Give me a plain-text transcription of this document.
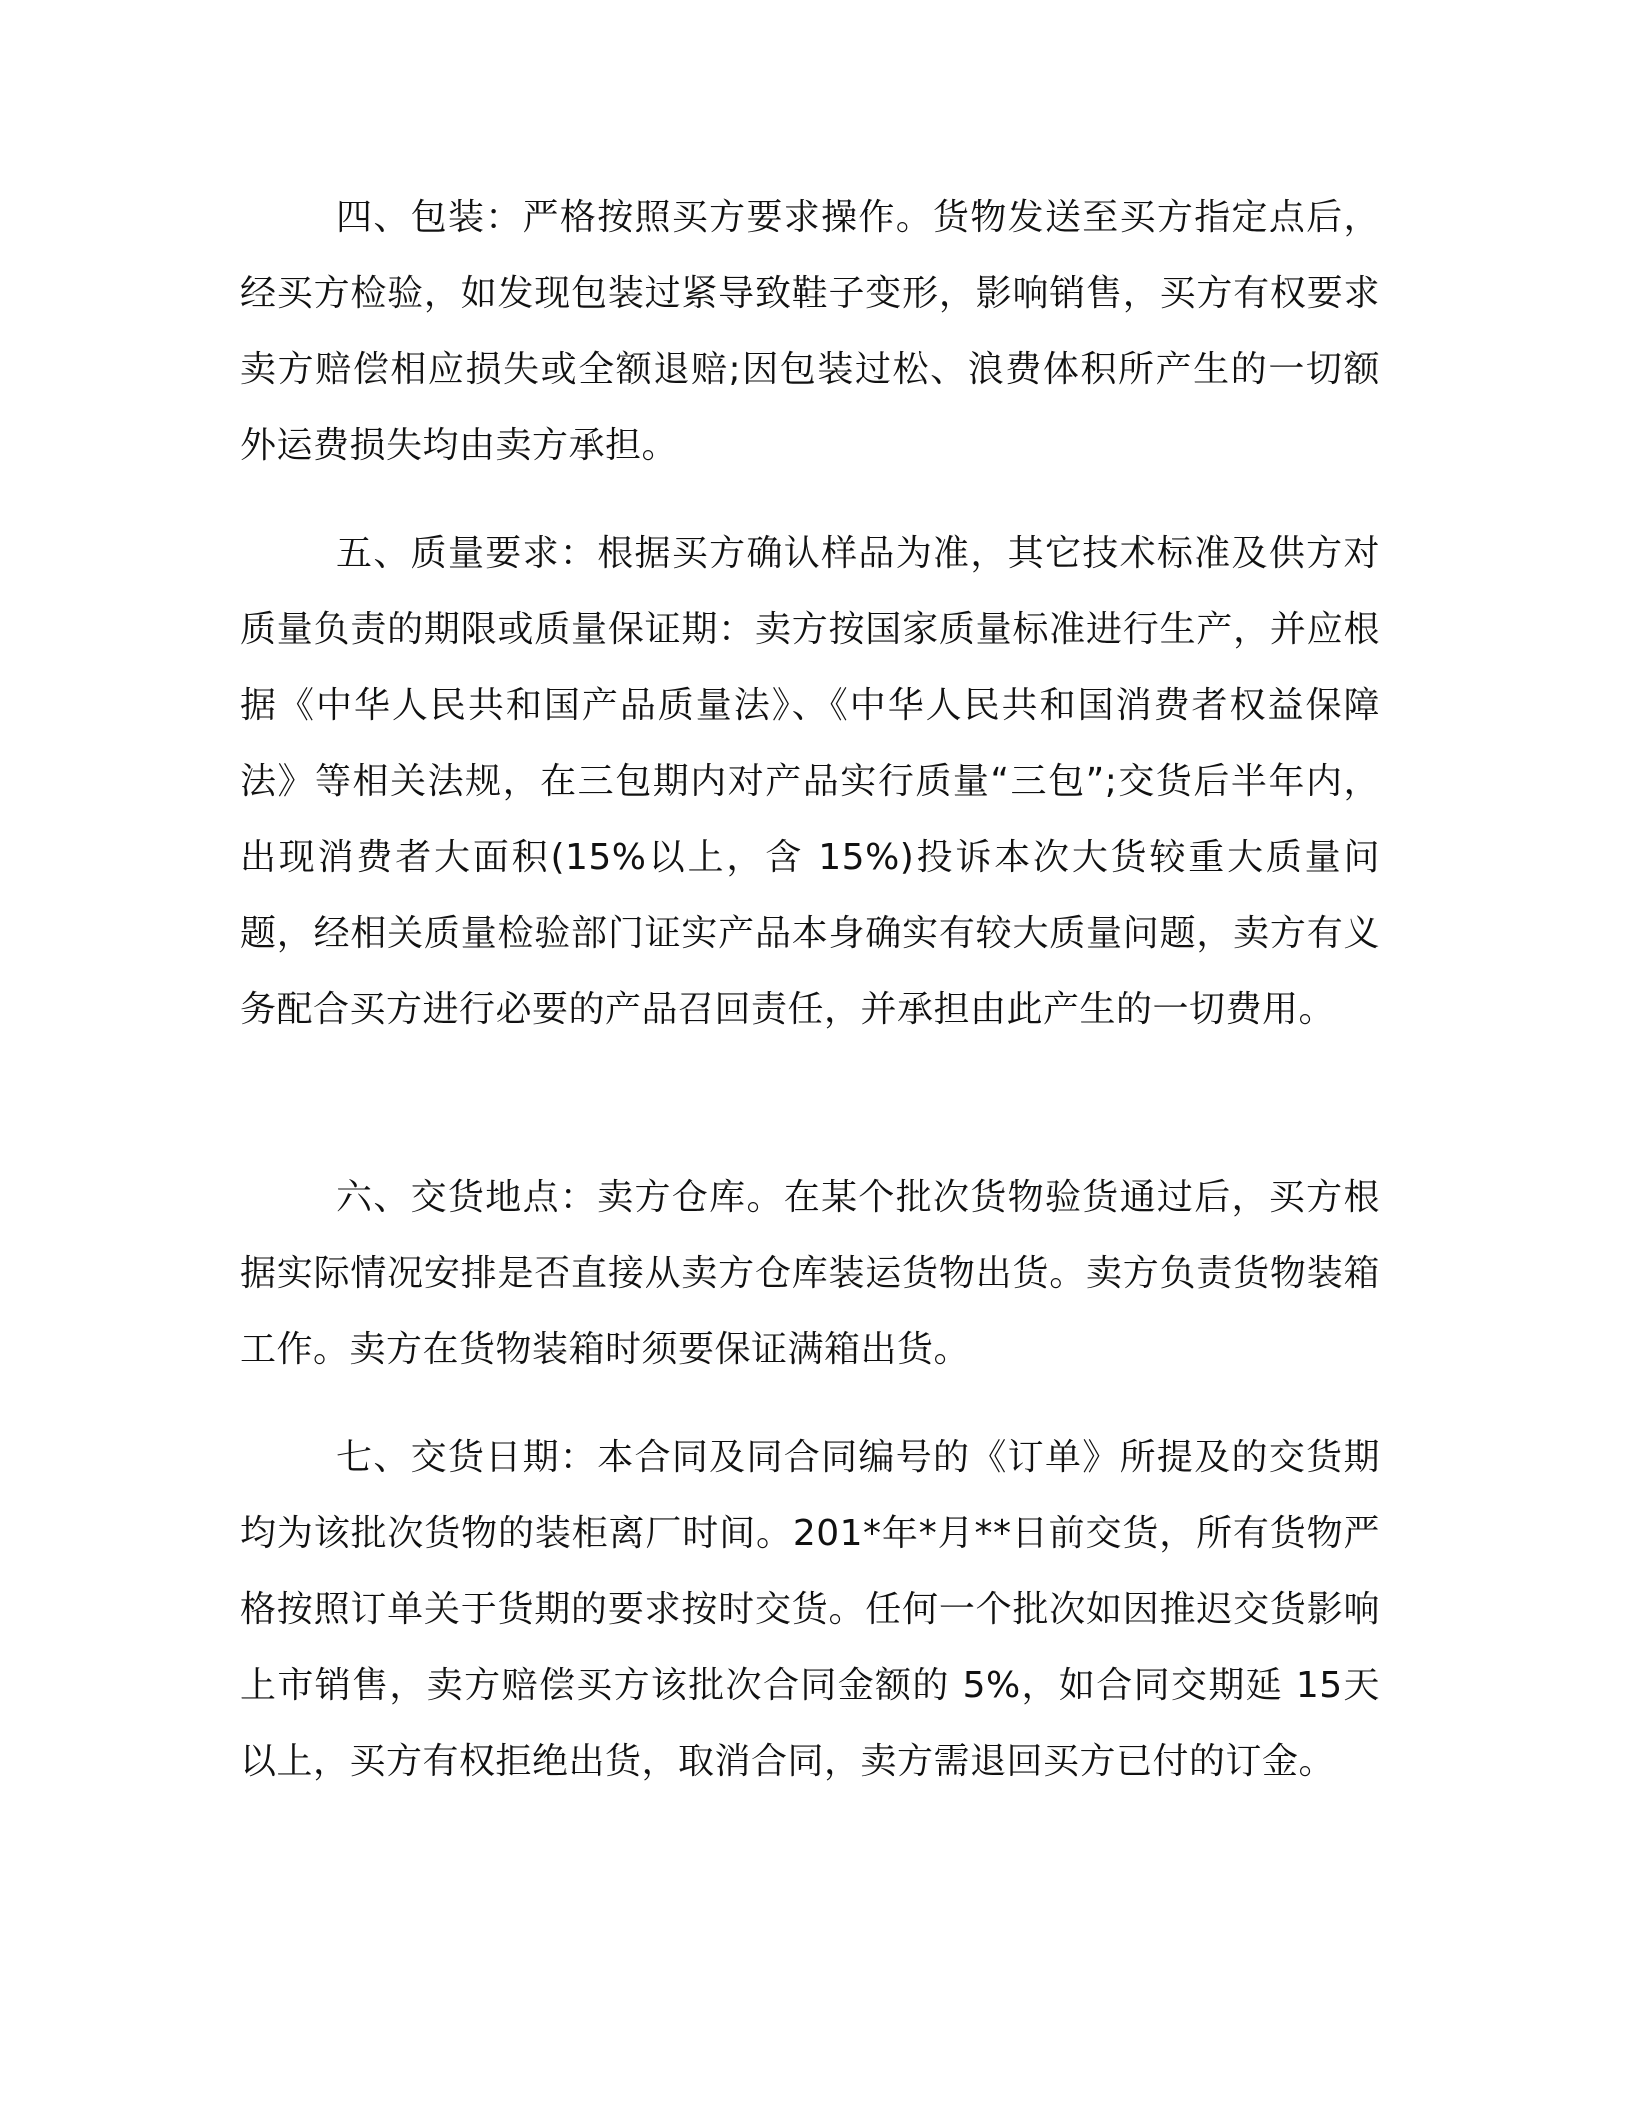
四、包装：严格按照买方要求操作。货物发送至买方指定点后，经买方检验，如发现包装过紧导致鞋子变形，影响销售，买方有权要求卖方赔偿相应损失或全额退赔;因包装过松、浪费体积所产生的一切额外运费损失均由卖方承担。

五、质量要求：根据买方确认样品为准，其它技术标准及供方对质量负责的期限或质量保证期：卖方按国家质量标准进行生产，并应根据《中华人民共和国产品质量法》、《中华人民共和国消费者权益保障法》等相关法规，在三包期内对产品实行质量“三包”;交货后半年内，出现消费者大面积(15%以上，含 15%)投诉本次大货较重大质量问题，经相关质量检验部门证实产品本身确实有较大质量问题，卖方有义务配合买方进行必要的产品召回责任，并承担由此产生的一切费用。

六、交货地点：卖方仓库。在某个批次货物验货通过后，买方根据实际情况安排是否直接从卖方仓库装运货物出货。卖方负责货物装箱工作。卖方在货物装箱时须要保证满箱出货。

七、交货日期：本合同及同合同编号的《订单》所提及的交货期均为该批次货物的装柜离厂时间。201*年*月**日前交货，所有货物严格按照订单关于货期的要求按时交货。任何一个批次如因推迟交货影响上市销售，卖方赔偿买方该批次合同金额的 5%，如合同交期延 15天以上，买方有权拒绝出货，取消合同，卖方需退回买方已付的订金。
